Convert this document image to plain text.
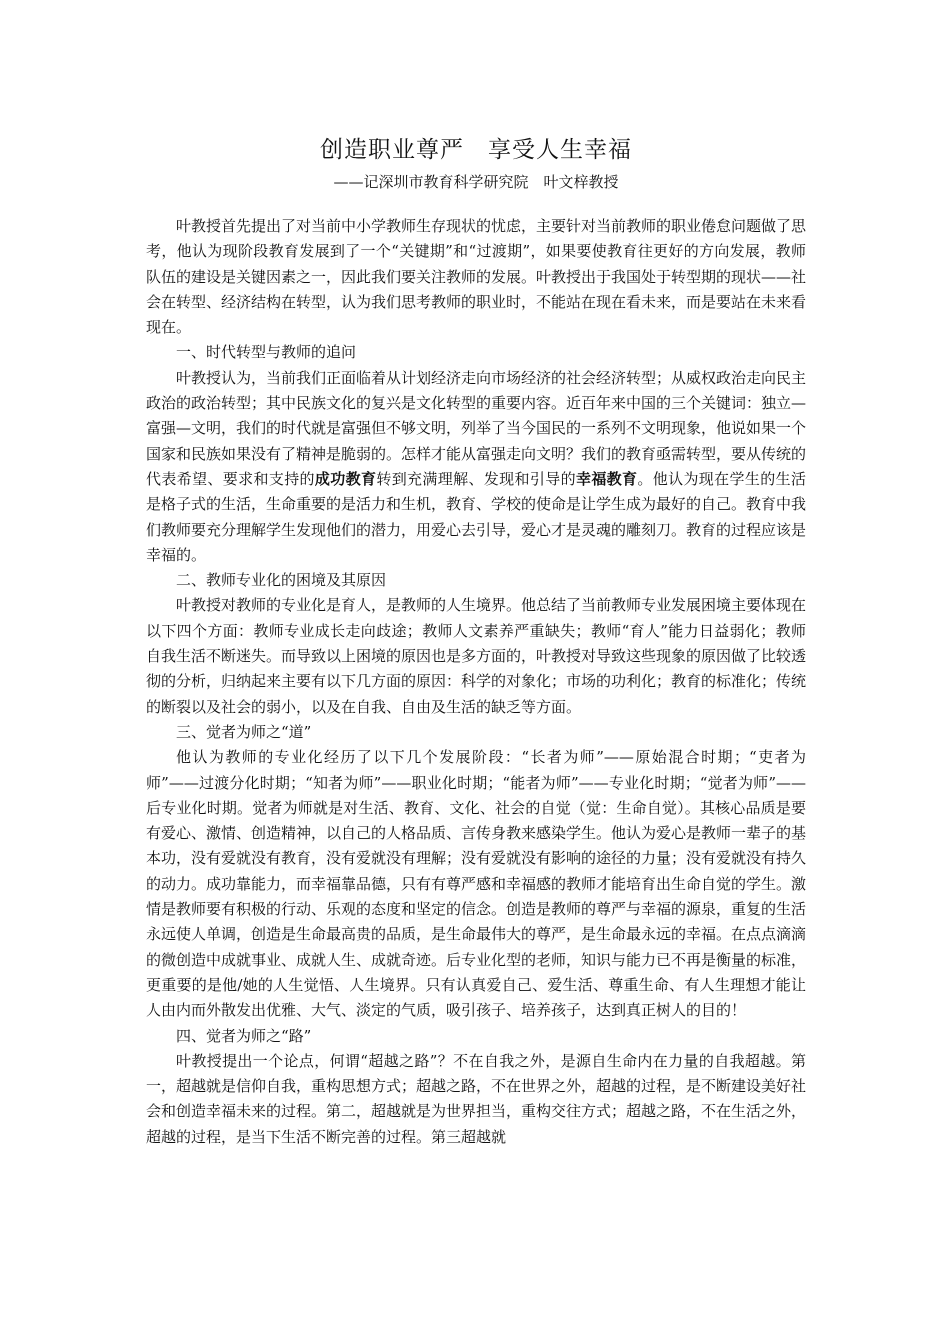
创造职业尊严　享受人生幸福
——记深圳市教育科学研究院　叶文梓教授

叶教授首先提出了对当前中小学教师生存现状的忧虑，主要针对当前教师的职业倦怠问题做了思考，他认为现阶段教育发展到了一个“关键期”和“过渡期”，如果要使教育往更好的方向发展，教师队伍的建设是关键因素之一，因此我们要关注教师的发展。叶教授出于我国处于转型期的现状——社会在转型、经济结构在转型，认为我们思考教师的职业时，不能站在现在看未来，而是要站在未来看现在。

一、时代转型与教师的追问

叶教授认为，当前我们正面临着从计划经济走向市场经济的社会经济转型；从威权政治走向民主政治的政治转型；其中民族文化的复兴是文化转型的重要内容。近百年来中国的三个关键词：独立—富强—文明，我们的时代就是富强但不够文明，列举了当今国民的一系列不文明现象，他说如果一个国家和民族如果没有了精神是脆弱的。怎样才能从富强走向文明？我们的教育亟需转型，要从传统的代表希望、要求和支持的成功教育转到充满理解、发现和引导的幸福教育。他认为现在学生的生活是格子式的生活，生命重要的是活力和生机，教育、学校的使命是让学生成为最好的自己。教育中我们教师要充分理解学生发现他们的潜力，用爱心去引导，爱心才是灵魂的雕刻刀。教育的过程应该是幸福的。

二、教师专业化的困境及其原因

叶教授对教师的专业化是育人，是教师的人生境界。他总结了当前教师专业发展困境主要体现在以下四个方面：教师专业成长走向歧途；教师人文素养严重缺失；教师“育人”能力日益弱化；教师自我生活不断迷失。而导致以上困境的原因也是多方面的，叶教授对导致这些现象的原因做了比较透彻的分析，归纳起来主要有以下几方面的原因：科学的对象化；市场的功利化；教育的标准化；传统的断裂以及社会的弱小，以及在自我、自由及生活的缺乏等方面。

三、觉者为师之“道”

他认为教师的专业化经历了以下几个发展阶段：“长者为师”——原始混合时期；“吏者为师”——过渡分化时期；“知者为师”——职业化时期；“能者为师”——专业化时期；“觉者为师”——后专业化时期。觉者为师就是对生活、教育、文化、社会的自觉（觉：生命自觉）。其核心品质是要有爱心、激情、创造精神，以自己的人格品质、言传身教来感染学生。他认为爱心是教师一辈子的基本功，没有爱就没有教育，没有爱就没有理解；没有爱就没有影响的途径的力量；没有爱就没有持久的动力。成功靠能力，而幸福靠品德，只有有尊严感和幸福感的教师才能培育出生命自觉的学生。激情是教师要有积极的行动、乐观的态度和坚定的信念。创造是教师的尊严与幸福的源泉，重复的生活永远使人单调，创造是生命最高贵的品质，是生命最伟大的尊严，是生命最永远的幸福。在点点滴滴的微创造中成就事业、成就人生、成就奇迹。后专业化型的老师，知识与能力已不再是衡量的标准，更重要的是他/她的人生觉悟、人生境界。只有认真爱自己、爱生活、尊重生命、有人生理想才能让人由内而外散发出优雅、大气、淡定的气质，吸引孩子、培养孩子，达到真正树人的目的！

四、觉者为师之“路”

叶教授提出一个论点，何谓“超越之路”？不在自我之外，是源自生命内在力量的自我超越。第一，超越就是信仰自我，重构思想方式；超越之路，不在世界之外，超越的过程，是不断建设美好社会和创造幸福未来的过程。第二，超越就是为世界担当，重构交往方式；超越之路，不在生活之外，超越的过程，是当下生活不断完善的过程。第三超越就
